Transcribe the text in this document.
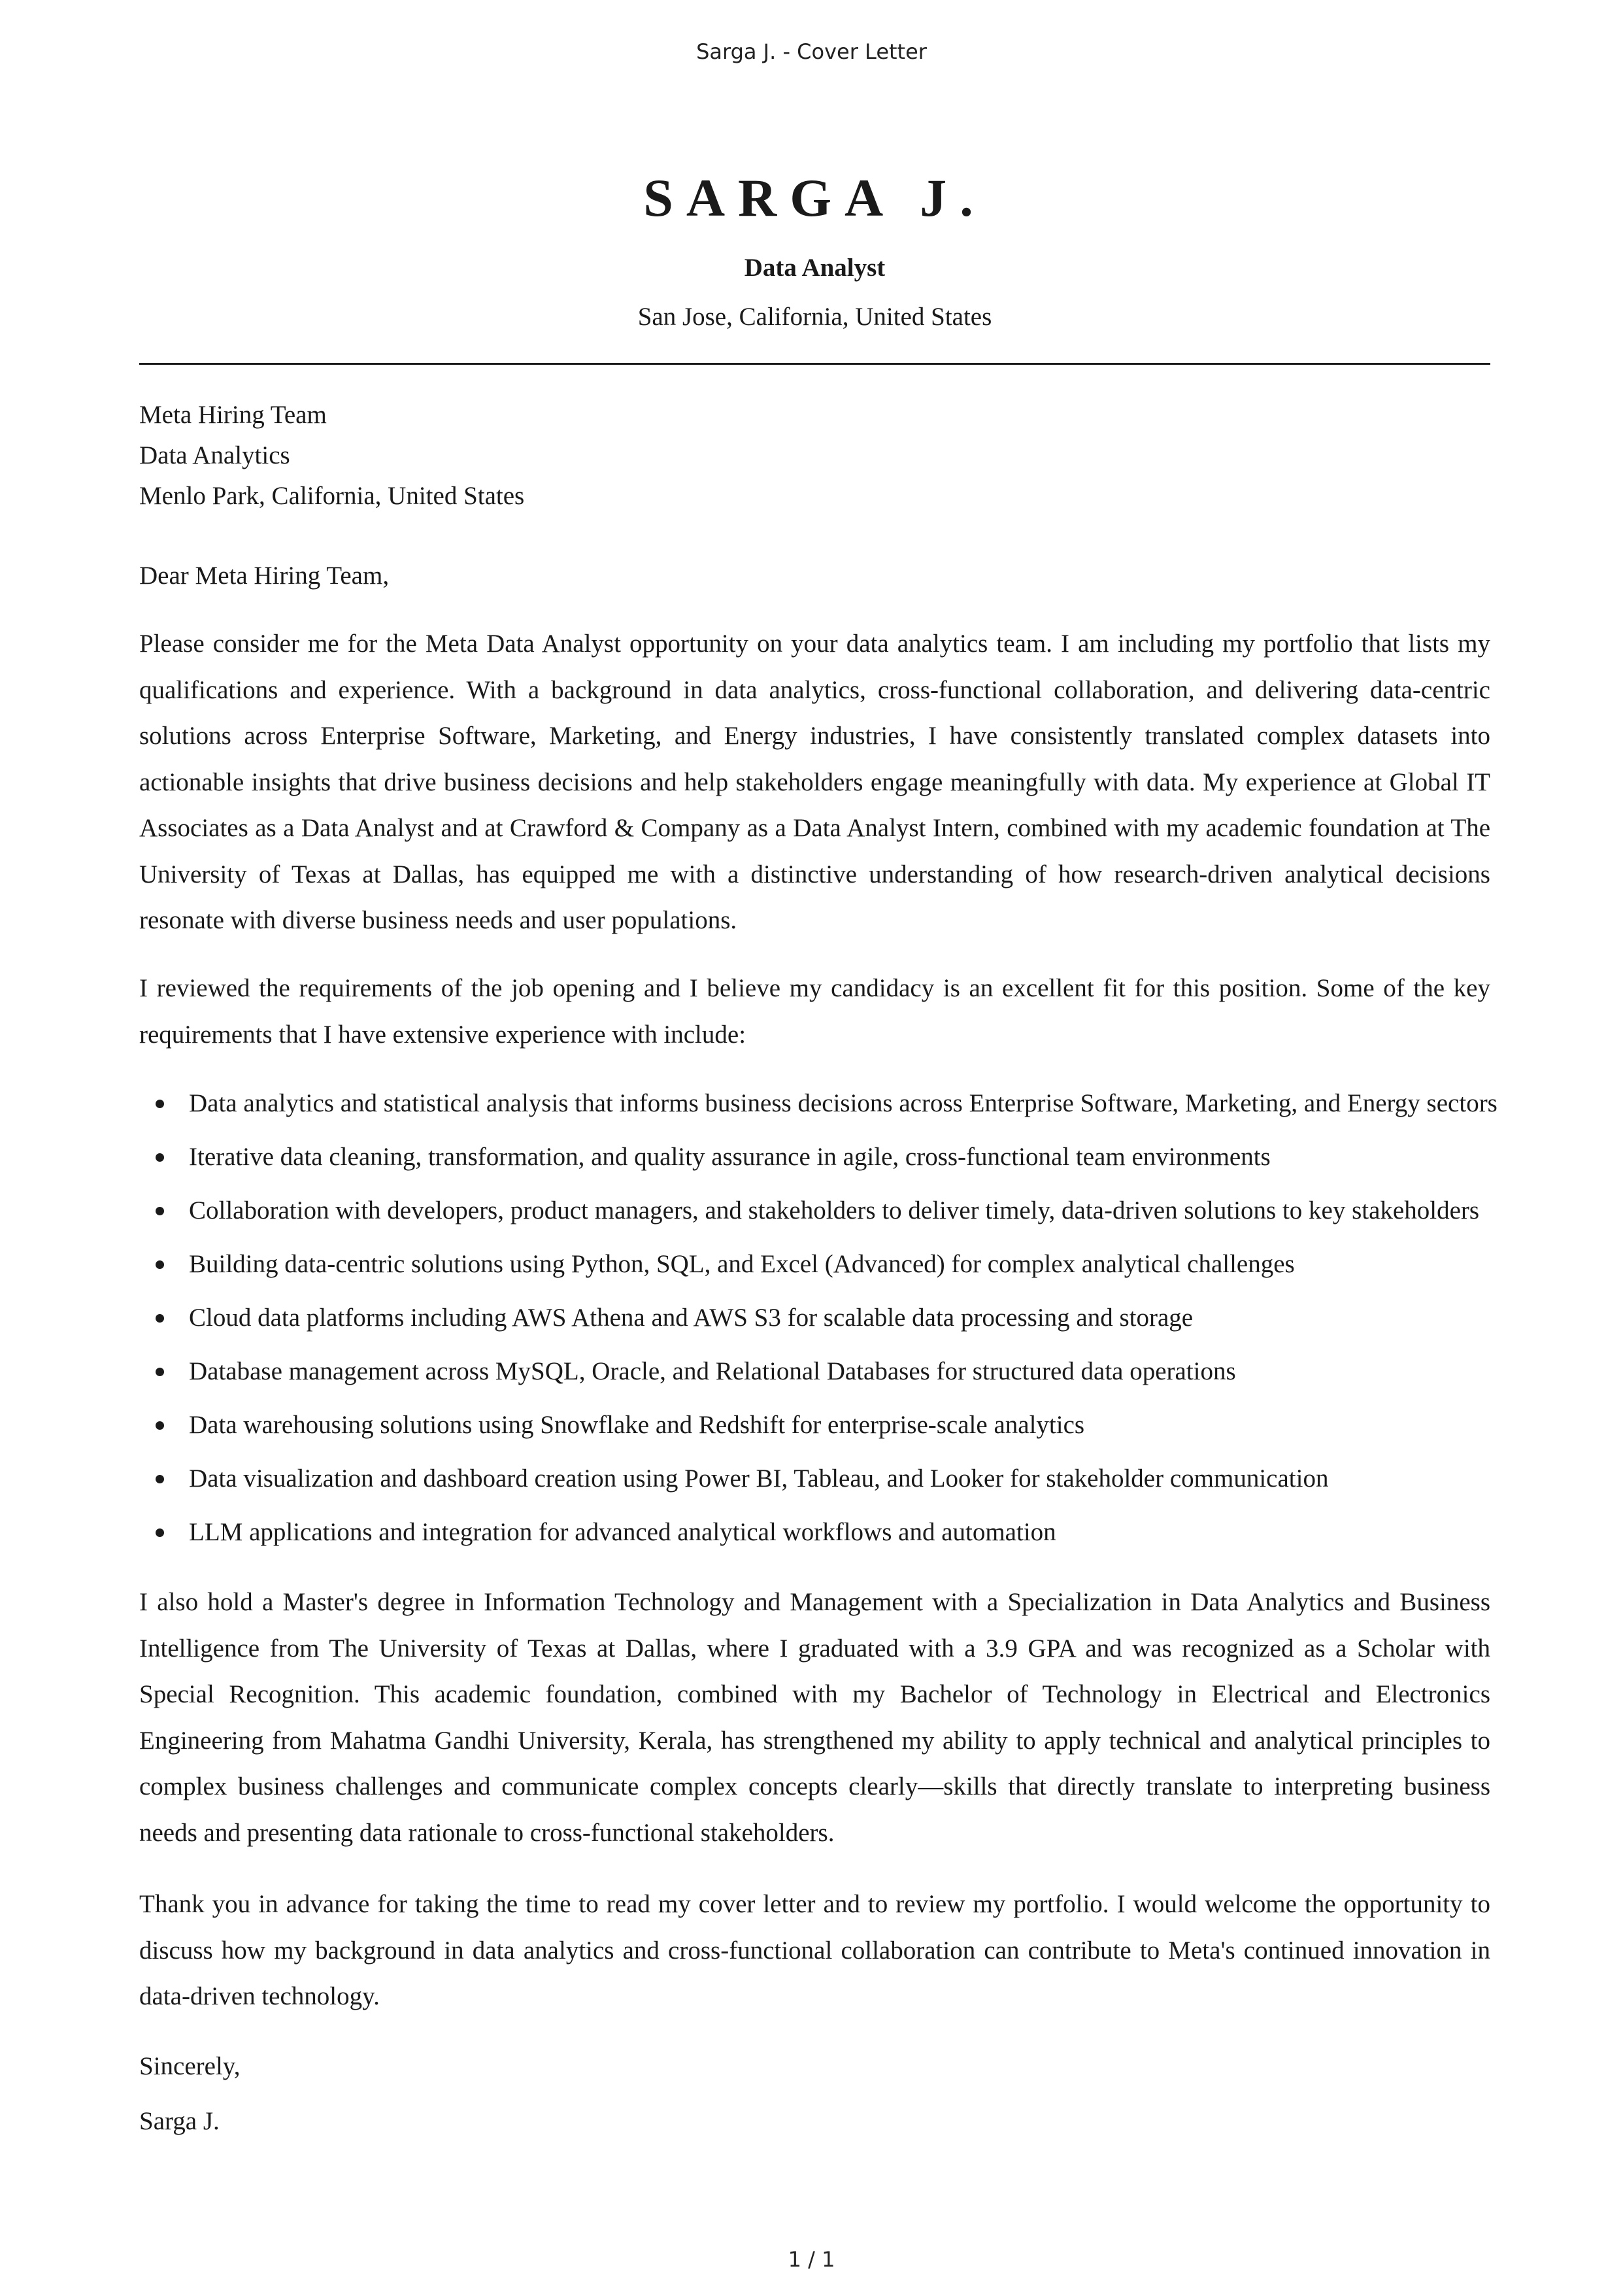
Sarga J. - Cover Letter
SARGA J.
Data Analyst
San Jose, California, United States
Meta Hiring Team
Data Analytics
Menlo Park, California, United States
Dear Meta Hiring Team,

Please consider me for the Meta Data Analyst opportunity on your data analytics team. I am including my portfolio that lists my qualifications and experience. With a background in data analytics, cross-functional collaboration, and delivering data-centric solutions across Enterprise Software, Marketing, and Energy industries, I have consistently translated complex datasets into actionable insights that drive business decisions and help stakeholders engage meaningfully with data. My experience at Global IT Associates as a Data Analyst and at Crawford & Company as a Data Analyst Intern, combined with my academic foundation at The University of Texas at Dallas, has equipped me with a distinctive understanding of how research-driven analytical decisions resonate with diverse business needs and user populations.

I reviewed the requirements of the job opening and I believe my candidacy is an excellent fit for this position. Some of the key requirements that I have extensive experience with include:

Data analytics and statistical analysis that informs business decisions across Enterprise Software, Marketing, and Energy sectors
Iterative data cleaning, transformation, and quality assurance in agile, cross-functional team environments
Collaboration with developers, product managers, and stakeholders to deliver timely, data-driven solutions to key stakeholders
Building data-centric solutions using Python, SQL, and Excel (Advanced) for complex analytical challenges
Cloud data platforms including AWS Athena and AWS S3 for scalable data processing and storage
Database management across MySQL, Oracle, and Relational Databases for structured data operations
Data warehousing solutions using Snowflake and Redshift for enterprise-scale analytics
Data visualization and dashboard creation using Power BI, Tableau, and Looker for stakeholder communication
LLM applications and integration for advanced analytical workflows and automation

I also hold a Master's degree in Information Technology and Management with a Specialization in Data Analytics and Business Intelligence from The University of Texas at Dallas, where I graduated with a 3.9 GPA and was recognized as a Scholar with Special Recognition. This academic foundation, combined with my Bachelor of Technology in Electrical and Electronics Engineering from Mahatma Gandhi University, Kerala, has strengthened my ability to apply technical and analytical principles to complex business challenges and communicate complex concepts clearly—skills that directly translate to interpreting business needs and presenting data rationale to cross-functional stakeholders.

Thank you in advance for taking the time to read my cover letter and to review my portfolio. I would welcome the opportunity to discuss how my background in data analytics and cross-functional collaboration can contribute to Meta's continued innovation in data-driven technology.

Sincerely,
Sarga J.
1 / 1
